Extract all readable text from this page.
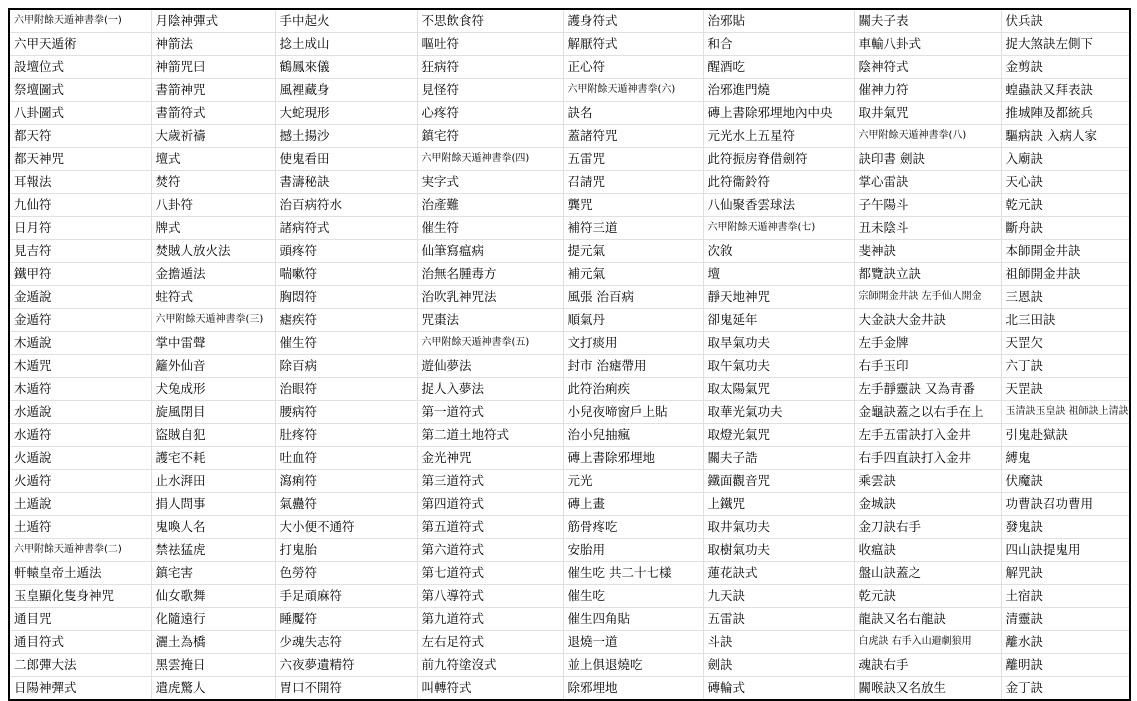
六甲附餘天遁神書拳(一)	月陰神彈式	手中起火	不思飲食符	護身符式	治邪貼	關夫子表	伏兵訣
六甲天遁術	神箭法	捻土成山	嘔吐符	解厭符式	和合	車輸八卦式	捉大煞訣左側下
設壇位式	神箭咒曰	鶴鳳來儀	狂病符	正心符	醒酒吃	陰神符式	金剪訣
祭壇圖式	書箭神咒	風裡藏身	見怪符	六甲附餘天遁神書拳(六)	治邪進門燒	催神力符	蝗蟲訣又拜表訣
八卦圖式	書箭符式	大蛇現形	心疼符	訣名	磚上書除邪埋地內中央	取井氣咒	推城陣及都統兵
都天符	大歲祈禱	撼土揚沙	鎮宅符	蓋諸符咒	元光水上五星符	六甲附餘天遁神書拳(八)	驅病訣 入病人家
都天神咒	壇式	使鬼看田	六甲附餘天遁神書拳(四)	五雷咒	此符振房脊借劍符	訣印書 劍訣	入廟訣
耳報法	焚符	書濤秘訣	実字式	召請咒	此符衞鈴符	掌心雷訣	天心訣
九仙符	八卦符	治百病符水	治產難	龔咒	八仙聚香雲球法	子午陽斗	乾元訣
日月符	牌式	諸病符式	催生符	補符三道	六甲附餘天遁神書拳(七)	丑未陰斗	斷舟訣
見吉符	焚賊人放火法	頭疼符	仙筆寫瘟病	提元氣	次敘	斐神訣	本師開金井訣
鐵甲符	金擔遁法	喘嗽符	治無名腫毒方	補元氣	壇	都覽訣立訣	祖師開金井訣
金遁說	蛀符式	胸悶符	治吹乳神咒法	風張 治百病	靜天地神咒	宗師開金井訣 左手仙人開金	三恩訣
金遁符	六甲附餘天遁神書拳(三)	瘧疾符	咒棗法	順氣丹	卻鬼延年	大金訣大金井訣	北三田訣
木遁說	掌中雷聲	催生符	六甲附餘天遁神書拳(五)	文打痰用	取旱氣功夫	左手金牌	天罡欠
木遁咒	籬外仙音	除百病	遊仙夢法	封市 治瘧帶用	取午氣功夫	右手玉印	六丁訣
木遁符	犬兔成形	治眼符	捉人入夢法	此符治痢疾	取太陽氣咒	左手靜靈訣 又為青番	天罡訣
水遁說	旋風閉目	腰病符	第一道符式	小兒夜啼窗戶上貼	取華光氣功夫	金龜訣蓋之以右手在上	玉清訣玉皇訣 祖師訣上清訣
水遁符	盜賊自犯	肚疼符	第二道土地符式	治小兒抽瘋	取燈光氣咒	左手五雷訣打入金井	引鬼赴獄訣
火遁說	護宅不耗	吐血符	金光神咒	磚上書除邪埋地	關夫子誥	右手四直訣打入金井	縛鬼
火遁符	止水湃田	瀉痢符	第三道符式	元光	鐵面觀音咒	乘雲訣	伏魔訣
土遁說	捐人問事	氣蠱符	第四道符式	磚上畫	上鐵咒	金城訣	功曹訣召功曹用
土遁符	鬼喚人名	大小便不通符	第五道符式	筋骨疼吃	取井氣功夫	金刀訣右手	發鬼訣
六甲附餘天遁神書拳(二)	禁祛猛虎	打鬼胎	第六道符式	安胎用	取樹氣功夫	收瘟訣	四山訣提鬼用
軒轅皇帝土遁法	鎮宅害	色勞符	第七道符式	催生吃 共二十七樣	蓮花訣式	盤山訣蓋之	解咒訣
玉皇顯化隻身神咒	仙女歌舞	手足頑麻符	第八導符式	催生吃	九天訣	乾元訣	土宿訣
通目咒	化隨遠行	睡魘符	第九道符式	催生四角貼	五雷訣	龍訣又名右龍訣	清靈訣
通目符式	灑土為橋	少魂失志符	左右足符式	退燒一道	斗訣	白虎訣 右手入山避劇狼用	離水訣
二郎彈大法	黑雲掩日	六夜夢遺精符	前九符塗沒式	並上俱退燒吃	劍訣	魂訣右手	離明訣
日陽神彈式	遣虎驚人	胃口不開符	叫轉符式	除邪埋地	磚輪式	關喉訣又名放生	金丁訣
